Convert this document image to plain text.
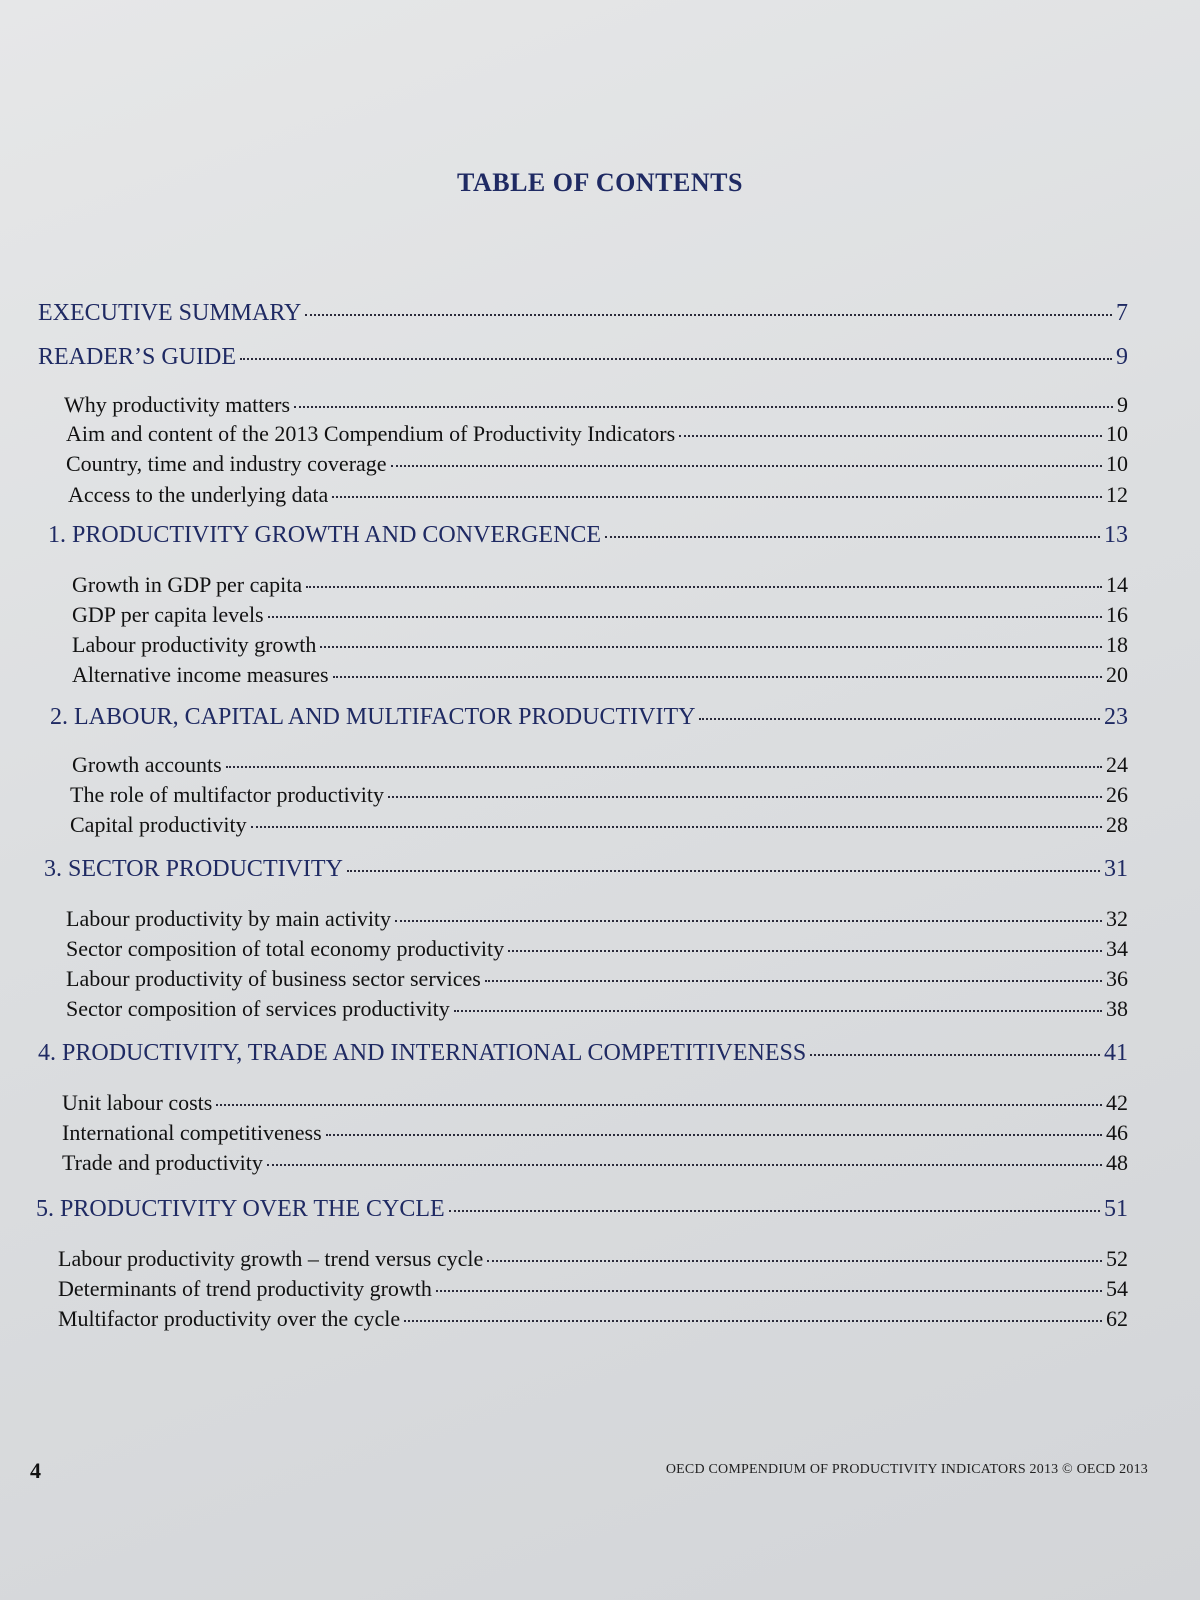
TABLE OF CONTENTS
EXECUTIVE SUMMARY	7
READER’S GUIDE	9
Why productivity matters	9
Aim and content of the 2013 Compendium of Productivity Indicators	10
Country, time and industry coverage	10
Access to the underlying data	12
1. PRODUCTIVITY GROWTH AND CONVERGENCE	13
Growth in GDP per capita	14
GDP per capita levels	16
Labour productivity growth	18
Alternative income measures	20
2. LABOUR, CAPITAL AND MULTIFACTOR PRODUCTIVITY	23
Growth accounts	24
The role of multifactor productivity	26
Capital productivity	28
3. SECTOR PRODUCTIVITY	31
Labour productivity by main activity	32
Sector composition of total economy productivity	34
Labour productivity of business sector services	36
Sector composition of services productivity	38
4. PRODUCTIVITY, TRADE AND INTERNATIONAL COMPETITIVENESS	41
Unit labour costs	42
International competitiveness	46
Trade and productivity	48
5. PRODUCTIVITY OVER THE CYCLE	51
Labour productivity growth – trend versus cycle	52
Determinants of trend productivity growth	54
Multifactor productivity over the cycle	62
4	OECD COMPENDIUM OF PRODUCTIVITY INDICATORS 2013 © OECD 2013
